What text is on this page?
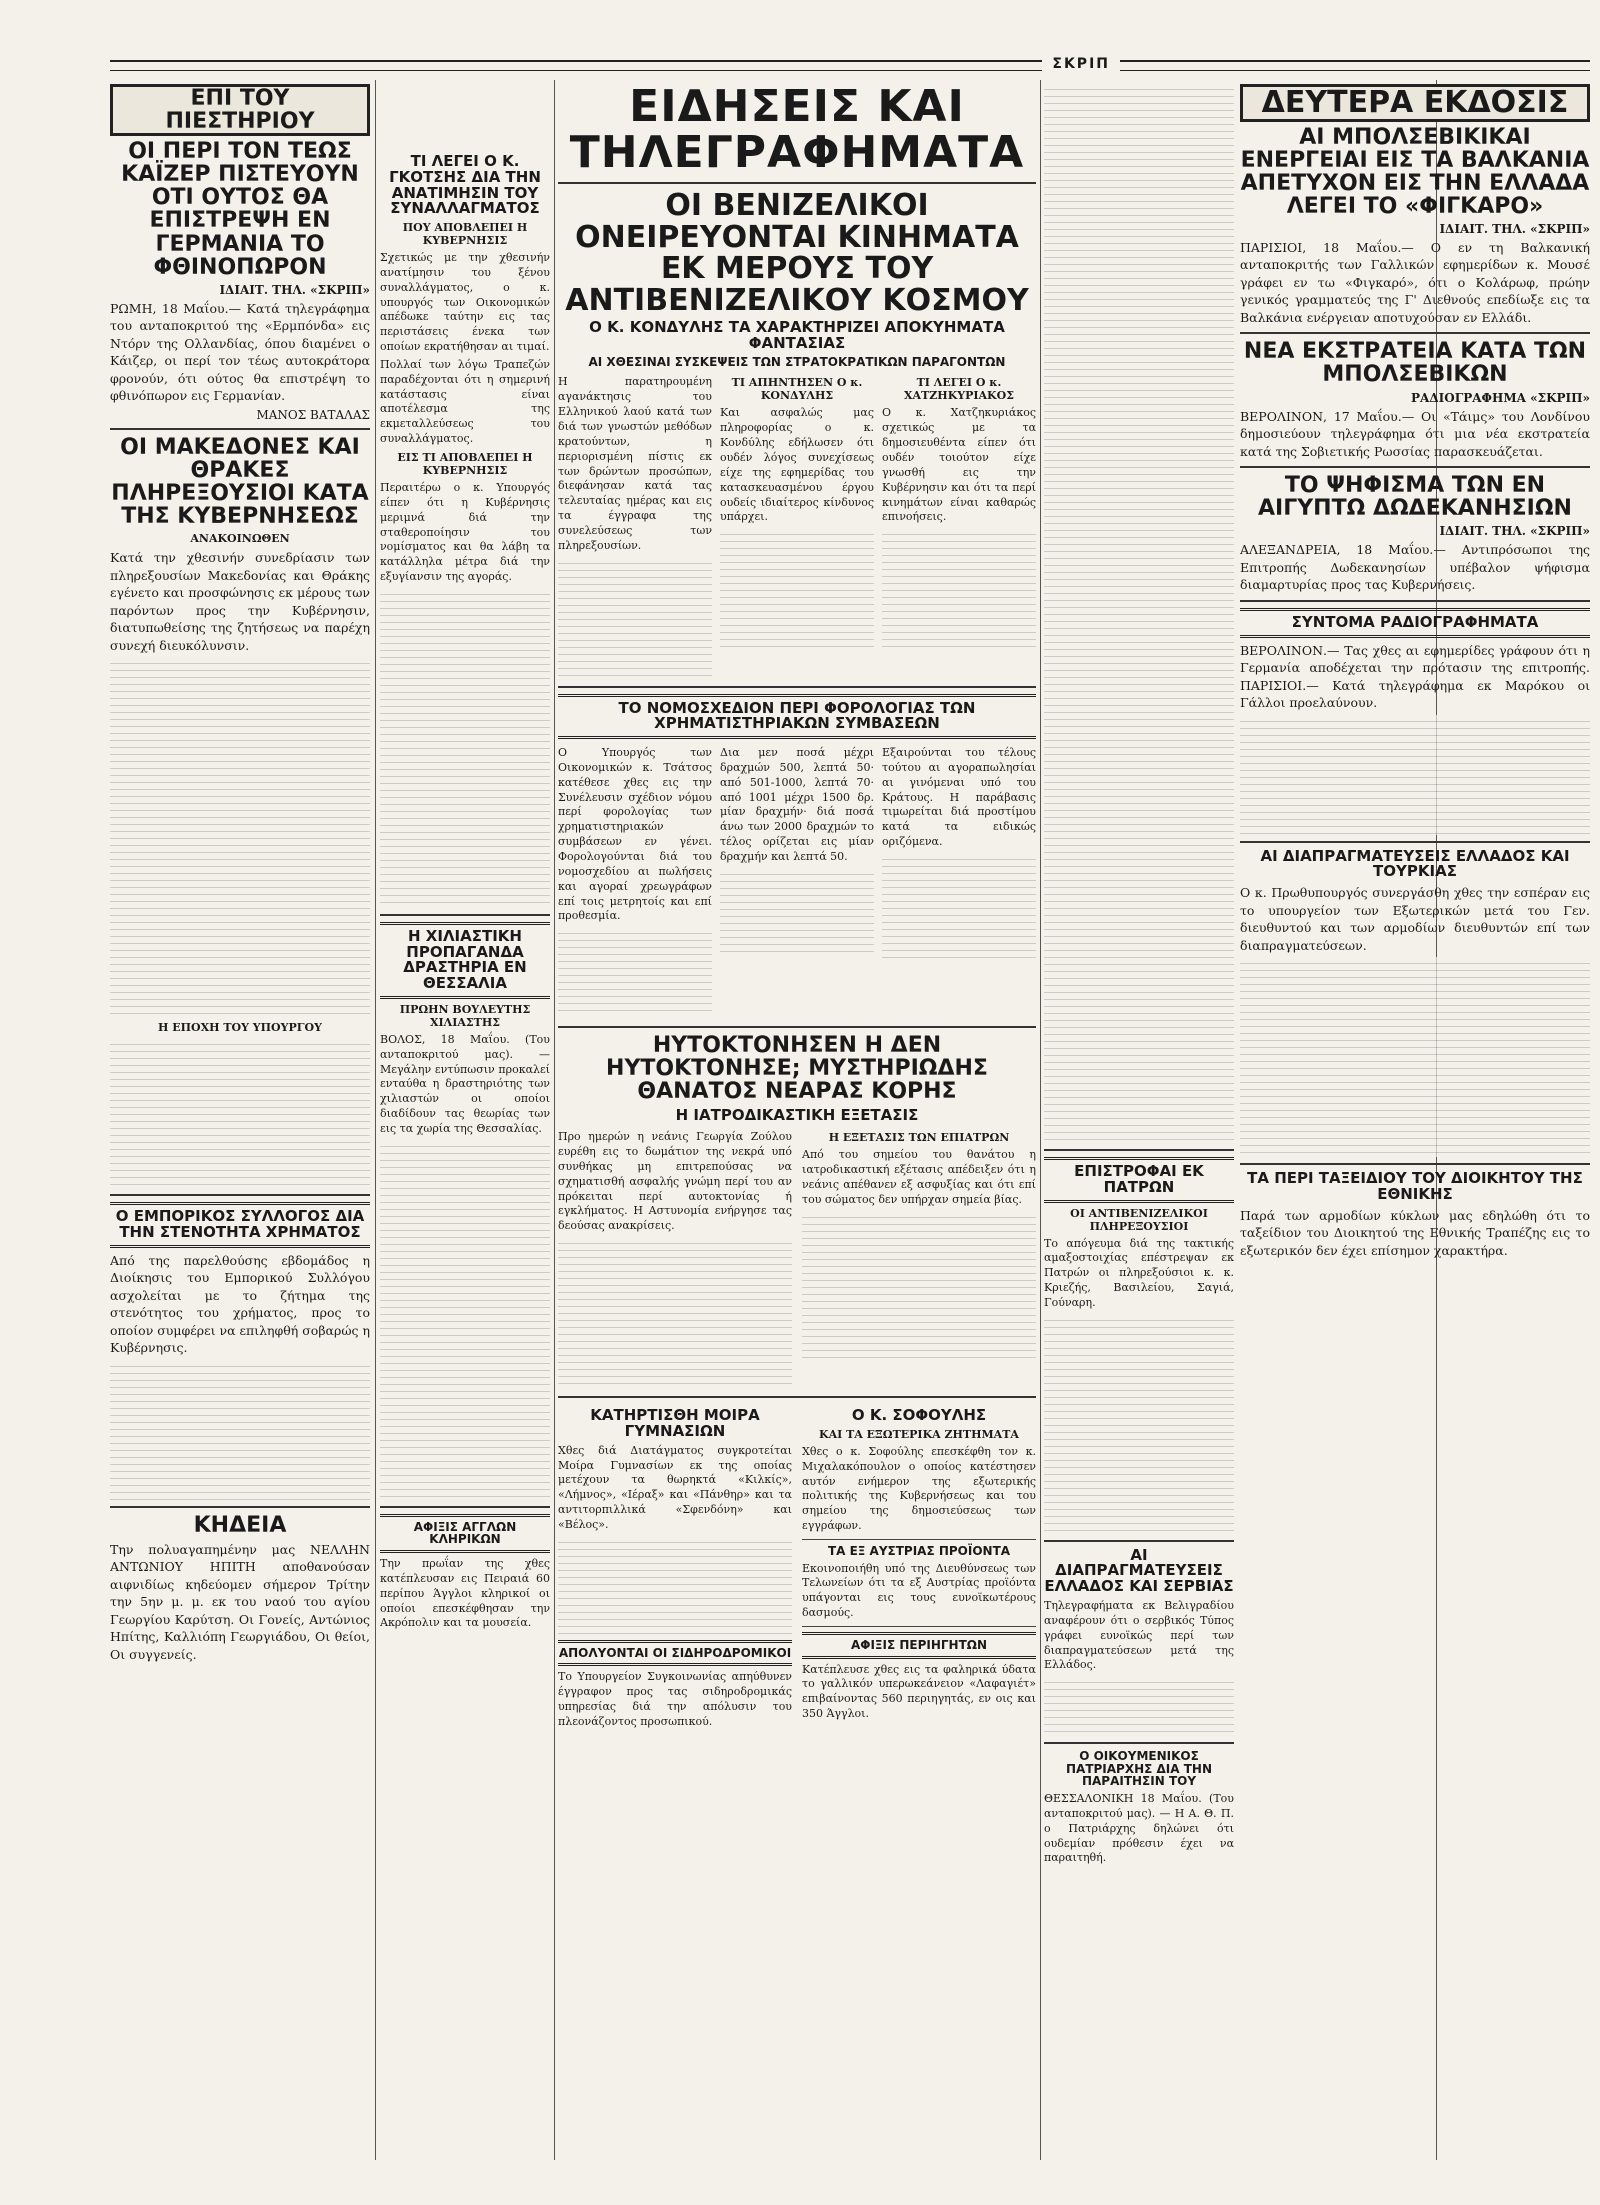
ΣΚΡΙΠ
ΕΠΙ ΤΟΥ ΠΙΕΣΤΗΡΙΟΥ
ΟΙ ΠΕΡΙ ΤΟΝ ΤΕΩΣ ΚΑΪΖΕΡ ΠΙΣΤΕΥΟΥΝ ΟΤΙ ΟΥΤΟΣ ΘΑ ΕΠΙΣΤΡΕΨΗ ΕΝ ΓΕΡΜΑΝΙΑ ΤΟ ΦΘΙΝΟΠΩΡΟΝ
ΙΔΙΑΙΤ. ΤΗΛ. «ΣΚΡΙΠ»

ΡΩΜΗ, 18 Μαΐου.— Κατά τηλεγράφημα του ανταποκριτού της «Ερμπόνδα» εις Ντόρν της Ολλανδίας, όπου διαμένει ο Κάιζερ, οι περί τον τέως αυτοκράτορα φρονούν, ότι ούτος θα επιστρέψη το φθινόπωρον εις Γερμανίαν.

ΜΑΝΟΣ ΒΑΤΑΛΑΣ
ΟΙ ΜΑΚΕΔΟΝΕΣ ΚΑΙ ΘΡΑΚΕΣ ΠΛΗΡΕΞΟΥΣΙΟΙ ΚΑΤΑ ΤΗΣ ΚΥΒΕΡΝΗΣΕΩΣ
ΑΝΑΚΟΙΝΩΘΕΝ

Κατά την χθεσινήν συνεδρίασιν των πληρεξουσίων Μακεδονίας και Θράκης εγένετο και προσφώνησις εκ μέρους των παρόντων προς την Κυβέρνησιν, διατυπωθείσης της ζητήσεως να παρέχη συνεχή διευκόλυνσιν.

Η ΕΠΟΧΗ ΤΟΥ ΥΠΟΥΡΓΟΥ
Ο ΕΜΠΟΡΙΚΟΣ ΣΥΛΛΟΓΟΣ ΔΙΑ ΤΗΝ ΣΤΕΝΟΤΗΤΑ ΧΡΗΜΑΤΟΣ

Από της παρελθούσης εβδομάδος η Διοίκησις του Εμπορικού Συλλόγου ασχολείται με το ζήτημα της στενότητος του χρήματος, προς το οποίον συμφέρει να επιληφθή σοβαρώς η Κυβέρνησις.

ΚΗΔΕΙΑ

Την πολυαγαπημένην μας ΝΕΛΛΗΝ ΑΝΤΩΝΙΟΥ ΗΠΙΤΗ αποθανούσαν αιφνιδίως κηδεύομεν σήμερον Τρίτην την 5ην μ. μ. εκ του ναού του αγίου Γεωργίου Καρύτση. Οι Γονείς, Αντώνιος Ηπίτης, Καλλιόπη Γεωργιάδου, Οι θείοι, Οι συγγενείς.

ΤΙ ΛΕΓΕΙ Ο Κ. ΓΚΟΤΣΗΣ ΔΙΑ ΤΗΝ ΑΝΑΤΙΜΗΣΙΝ ΤΟΥ ΣΥΝΑΛΛΑΓΜΑΤΟΣ
ΠΟΥ ΑΠΟΒΛΕΠΕΙ Η ΚΥΒΕΡΝΗΣΙΣ

Σχετικώς με την χθεσινήν ανατίμησιν του ξένου συναλλάγματος, ο κ. υπουργός των Οικονομικών απέδωκε ταύτην εις τας περιστάσεις ένεκα των οποίων εκρατήθησαν αι τιμαί.

Πολλαί των λόγω Τραπεζών παραδέχονται ότι η σημερινή κατάστασις είναι αποτέλεσμα της εκμεταλλεύσεως του συναλλάγματος.

ΕΙΣ ΤΙ ΑΠΟΒΛΕΠΕΙ Η ΚΥΒΕΡΝΗΣΙΣ

Περαιτέρω ο κ. Υπουργός είπεν ότι η Κυβέρνησις μεριμνά διά την σταθεροποίησιν του νομίσματος και θα λάβη τα κατάλληλα μέτρα διά την εξυγίανσιν της αγοράς.

Η ΧΙΛΙΑΣΤΙΚΗ ΠΡΟΠΑΓΑΝΔΑ ΔΡΑΣΤΗΡΙΑ ΕΝ ΘΕΣΣΑΛΙΑ
ΠΡΩΗΝ ΒΟΥΛΕΥΤΗΣ ΧΙΛΙΑΣΤΗΣ

ΒΟΛΟΣ, 18 Μαΐου. (Του ανταποκριτού μας). — Μεγάλην εντύπωσιν προκαλεί ενταύθα η δραστηριότης των χιλιαστών οι οποίοι διαδίδουν τας θεωρίας των εις τα χωρία της Θεσσαλίας.

ΑΦΙΞΙΣ ΑΓΓΛΩΝ ΚΛΗΡΙΚΩΝ

Την πρωΐαν της χθες κατέπλευσαν εις Πειραιά 60 περίπου Άγγλοι κληρικοί οι οποίοι επεσκέφθησαν την Ακρόπολιν και τα μουσεία.

ΕΙΔΗΣΕΙΣ ΚΑΙ ΤΗΛΕΓΡΑΦΗΜΑΤΑ
ΟΙ ΒΕΝΙΖΕΛΙΚΟΙ ΟΝΕΙΡΕΥΟΝΤΑΙ ΚΙΝΗΜΑΤΑ ΕΚ ΜΕΡΟΥΣ ΤΟΥ ΑΝΤΙΒΕΝΙΖΕΛΙΚΟΥ ΚΟΣΜΟΥ
Ο Κ. ΚΟΝΔΥΛΗΣ ΤΑ ΧΑΡΑΚΤΗΡΙΖΕΙ ΑΠΟΚΥΗΜΑΤΑ ΦΑΝΤΑΣΙΑΣ
ΑΙ ΧΘΕΣΙΝΑΙ ΣΥΣΚΕΨΕΙΣ ΤΩΝ ΣΤΡΑΤΟΚΡΑΤΙΚΩΝ ΠΑΡΑΓΟΝΤΩΝ

Η παρατηρουμένη αγανάκτησις του Ελληνικού λαού κατά των διά των γνωστών μεθόδων κρατούντων, η περιορισμένη πίστις εκ των δρώντων προσώπων, διεφάνησαν κατά τας τελευταίας ημέρας και εις τα έγγραφα της συνελεύσεως των πληρεξουσίων.

ΤΙ ΑΠΗΝΤΗΣΕΝ Ο κ. ΚΟΝΔΥΛΗΣ

Και ασφαλώς μας πληροφορίας ο κ. Κονδύλης εδήλωσεν ότι ουδέν λόγος συνεχίσεως είχε της εφημερίδας του κατασκευασμένου έργου ουδείς ιδιαίτερος κίνδυνος υπάρχει.

ΤΙ ΛΕΓΕΙ Ο κ. ΧΑΤΖΗΚΥΡΙΑΚΟΣ

Ο κ. Χατζηκυριάκος σχετικώς με τα δημοσιευθέντα είπεν ότι ουδέν τοιούτον είχε γνωσθή εις την Κυβέρνησιν και ότι τα περί κινημάτων είναι καθαρώς επινοήσεις.

ΤΟ ΝΟΜΟΣΧΕΔΙΟΝ ΠΕΡΙ ΦΟΡΟΛΟΓΙΑΣ ΤΩΝ ΧΡΗΜΑΤΙΣΤΗΡΙΑΚΩΝ ΣΥΜΒΑΣΕΩΝ

Ο Υπουργός των Οικονομικών κ. Τσάτσος κατέθεσε χθες εις την Συνέλευσιν σχέδιον νόμου περί φορολογίας των χρηματιστηριακών συμβάσεων εν γένει. Φορολογούνται διά του νομοσχεδίου αι πωλήσεις και αγοραί χρεωγράφων επί τοις μετρητοίς και επί προθεσμία.

Δια μεν ποσά μέχρι δραχμών 500, λεπτά 50· από 501-1000, λεπτά 70· από 1001 μέχρι 1500 δρ. μίαν δραχμήν· διά ποσά άνω των 2000 δραχμών το τέλος ορίζεται εις μίαν δραχμήν και λεπτά 50.

Εξαιρούνται του τέλους τούτου αι αγοραπωλησίαι αι γινόμεναι υπό του Κράτους. Η παράβασις τιμωρείται διά προστίμου κατά τα ειδικώς οριζόμενα.

ΗΥΤΟΚΤΟΝΗΣΕΝ Η ΔΕΝ ΗΥΤΟΚΤΟΝΗΣΕ; ΜΥΣΤΗΡΙΩΔΗΣ ΘΑΝΑΤΟΣ ΝΕΑΡΑΣ ΚΟΡΗΣ
Η ΙΑΤΡΟΔΙΚΑΣΤΙΚΗ ΕΞΕΤΑΣΙΣ

Προ ημερών η νεάνις Γεωργία Ζούλου ευρέθη εις το δωμάτιον της νεκρά υπό συνθήκας μη επιτρεπούσας να σχηματισθή ασφαλής γνώμη περί του αν πρόκειται περί αυτοκτονίας ή εγκλήματος. Η Αστυνομία ενήργησε τας δεούσας ανακρίσεις.

Η ΕΞΕΤΑΣΙΣ ΤΩΝ ΕΠΙΑΤΡΩΝ

Από του σημείου του θανάτου η ιατροδικαστική εξέτασις απέδειξεν ότι η νεάνις απέθανεν εξ ασφυξίας και ότι επί του σώματος δεν υπήρχαν σημεία βίας.

ΚΑΤΗΡΤΙΣΘΗ ΜΟΙΡΑ ΓΥΜΝΑΣΙΩΝ

Χθες διά Διατάγματος συγκροτείται Μοίρα Γυμνασίων εκ της οποίας μετέχουν τα θωρηκτά «Κιλκίς», «Λήμνος», «Ιέραξ» και «Πάνθηρ» και τα αντιτορπιλλικά «Σφενδόνη» και «Βέλος».

ΑΠΟΛΥΟΝΤΑΙ ΟΙ ΣΙΔΗΡΟΔΡΟΜΙΚΟΙ

Το Υπουργείον Συγκοινωνίας απηύθυνεν έγγραφον προς τας σιδηροδρομικάς υπηρεσίας διά την απόλυσιν του πλεονάζοντος προσωπικού.

Ο Κ. ΣΟΦΟΥΛΗΣ
ΚΑΙ ΤΑ ΕΞΩΤΕΡΙΚΑ ΖΗΤΗΜΑΤΑ

Χθες ο κ. Σοφούλης επεσκέφθη τον κ. Μιχαλακόπουλον ο οποίος κατέστησεν αυτόν ενήμερον της εξωτερικής πολιτικής της Κυβερνήσεως και του σημείου της δημοσιεύσεως των εγγράφων.

ΤΑ ΕΞ ΑΥΣΤΡΙΑΣ ΠΡΟΪΟΝΤΑ

Εκοινοποιήθη υπό της Διευθύνσεως των Τελωνείων ότι τα εξ Αυστρίας προϊόντα υπάγονται εις τους ευνοϊκωτέρους δασμούς.

ΑΦΙΞΙΣ ΠΕΡΙΗΓΗΤΩΝ

Κατέπλευσε χθες εις τα φαληρικά ύδατα το γαλλικόν υπερωκεάνειον «Λαφαγιέτ» επιβαίνοντας 560 περιηγητάς, εν οις και 350 Άγγλοι.

ΕΠΙΣΤΡΟΦΑΙ ΕΚ ΠΑΤΡΩΝ
ΟΙ ΑΝΤΙΒΕΝΙΖΕΛΙΚΟΙ ΠΛΗΡΕΞΟΥΣΙΟΙ

Το απόγευμα διά της τακτικής αμαξοστοιχίας επέστρεψαν εκ Πατρών οι πληρεξούσιοι κ. κ. Κριεζής, Βασιλείου, Σαγιά, Γούναρη.

ΑΙ ΔΙΑΠΡΑΓΜΑΤΕΥΣΕΙΣ ΕΛΛΑΔΟΣ ΚΑΙ ΣΕΡΒΙΑΣ

Τηλεγραφήματα εκ Βελιγραδίου αναφέρουν ότι ο σερβικός Τύπος γράφει ευνοϊκώς περί των διαπραγματεύσεων μετά της Ελλάδος.

Ο ΟΙΚΟΥΜΕΝΙΚΟΣ ΠΑΤΡΙΑΡΧΗΣ ΔΙΑ ΤΗΝ ΠΑΡΑΙΤΗΣΙΝ ΤΟΥ

ΘΕΣΣΑΛΟΝΙΚΗ 18 Μαΐου. (Του ανταποκριτού μας). — Η Α. Θ. Π. ο Πατριάρχης δηλώνει ότι ουδεμίαν πρόθεσιν έχει να παραιτηθή.

ΔΕΥΤΕΡΑ ΕΚΔΟΣΙΣ
ΑΙ ΜΠΟΛΣΕΒΙΚΙΚΑΙ ΕΝΕΡΓΕΙΑΙ ΕΙΣ ΤΑ ΒΑΛΚΑΝΙΑ ΑΠΕΤΥΧΟΝ ΕΙΣ ΤΗΝ ΕΛΛΑΔΑ ΛΕΓΕΙ ΤΟ «ΦΙΓΚΑΡΟ»
ΙΔΙΑΙΤ. ΤΗΛ. «ΣΚΡΙΠ»

ΠΑΡΙΣΙΟΙ, 18 Μαΐου.— Ο εν τη Βαλκανική ανταποκριτής των Γαλλικών εφημερίδων κ. Μουσέ γράφει εν τω «Φιγκαρό», ότι ο Κολάρωφ, πρώην γενικός γραμματεύς της Γ' Διεθνούς επεδίωξε εις τα Βαλκάνια ενέργειαν αποτυχούσαν εν Ελλάδι.

ΝΕΑ ΕΚΣΤΡΑΤΕΙΑ ΚΑΤΑ ΤΩΝ ΜΠΟΛΣΕΒΙΚΩΝ
ΡΑΔΙΟΓΡΑΦΗΜΑ «ΣΚΡΙΠ»

ΒΕΡΟΛΙΝΟΝ, 17 Μαΐου.— Οι «Τάιμς» του Λονδίνου δημοσιεύουν τηλεγράφημα ότι μια νέα εκστρατεία κατά της Σοβιετικής Ρωσσίας παρασκευάζεται.

ΤΟ ΨΗΦΙΣΜΑ ΤΩΝ ΕΝ ΑΙΓΥΠΤΩ ΔΩΔΕΚΑΝΗΣΙΩΝ
ΙΔΙΑΙΤ. ΤΗΛ. «ΣΚΡΙΠ»

ΑΛΕΞΑΝΔΡΕΙΑ, 18 Μαΐου.— Αντιπρόσωποι της Επιτροπής Δωδεκανησίων υπέβαλον ψήφισμα διαμαρτυρίας προς τας Κυβερνήσεις.

ΣΥΝΤΟΜΑ ΡΑΔΙΟΓΡΑΦΗΜΑΤΑ

ΒΕΡΟΛΙΝΟΝ.— Τας χθες αι εφημερίδες γράφουν ότι η Γερμανία αποδέχεται την πρότασιν της επιτροπής. ΠΑΡΙΣΙΟΙ.— Κατά τηλεγράφημα εκ Μαρόκου οι Γάλλοι προελαύνουν.

ΑΙ ΔΙΑΠΡΑΓΜΑΤΕΥΣΕΙΣ ΕΛΛΑΔΟΣ ΚΑΙ ΤΟΥΡΚΙΑΣ

Ο κ. Πρωθυπουργός συνεργάσθη χθες την εσπέραν εις το υπουργείον των Εξωτερικών μετά του Γεν. διευθυντού και των αρμοδίων διευθυντών επί των διαπραγματεύσεων.

ΤΑ ΠΕΡΙ ΤΑΞΕΙΔΙΟΥ ΤΟΥ ΔΙΟΙΚΗΤΟΥ ΤΗΣ ΕΘΝΙΚΗΣ

Παρά των αρμοδίων κύκλων μας εδηλώθη ότι το ταξείδιον του Διοικητού της Εθνικής Τραπέζης εις το εξωτερικόν δεν έχει επίσημον χαρακτήρα.
